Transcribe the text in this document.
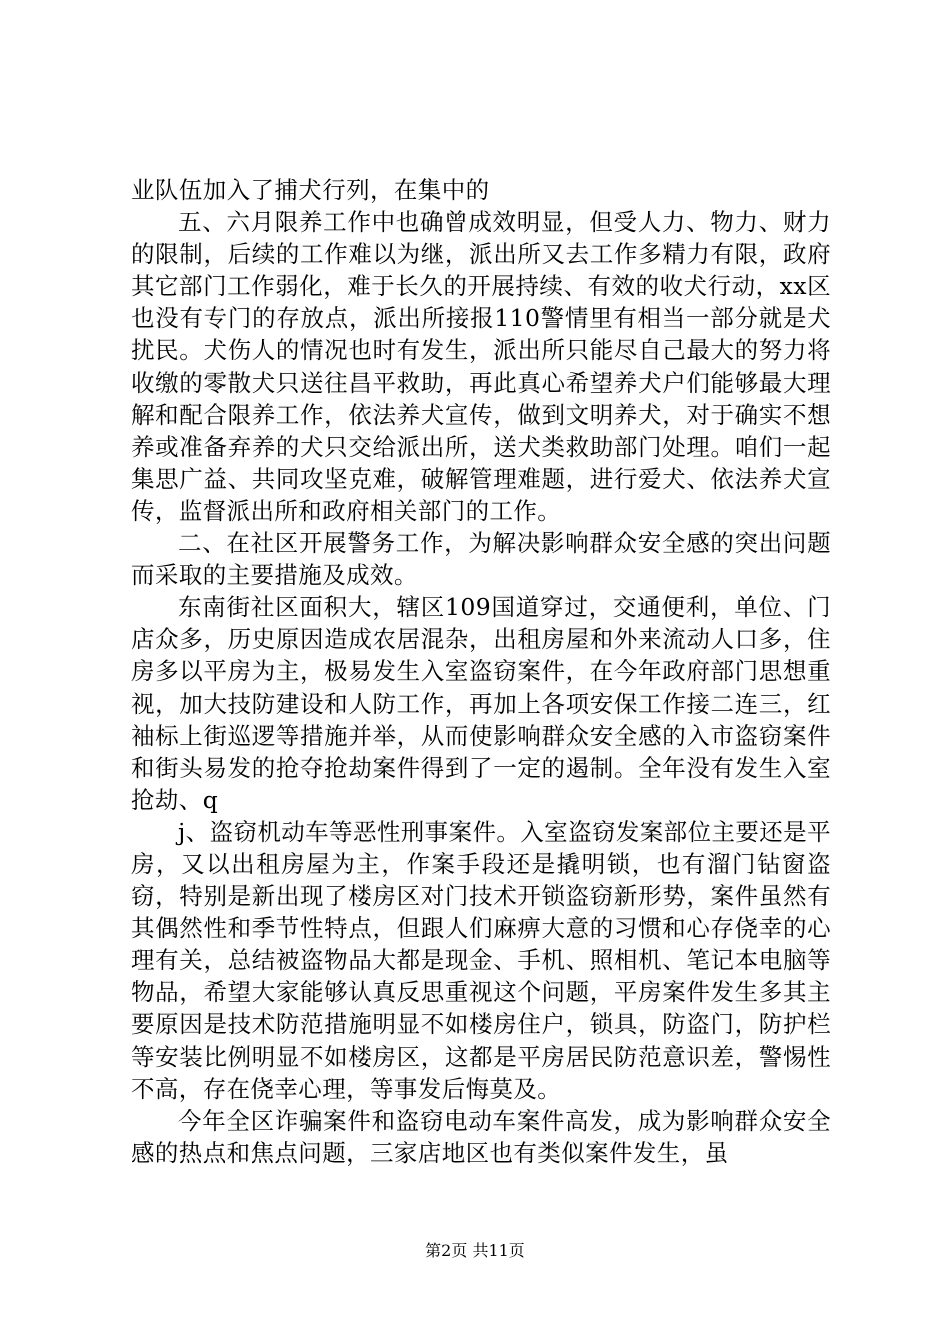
业队伍加入了捕犬行列，在集中的

五、六月限养工作中也确曾成效明显，但受人力、物力、财力的限制，后续的工作难以为继，派出所又去工作多精力有限，政府其它部门工作弱化，难于长久的开展持续、有效的收犬行动，xx区也没有专门的存放点，派出所接报110警情里有相当一部分就是犬扰民。犬伤人的情况也时有发生，派出所只能尽自己最大的努力将收缴的零散犬只送往昌平救助，再此真心希望养犬户们能够最大理解和配合限养工作，依法养犬宣传，做到文明养犬，对于确实不想养或准备弃养的犬只交给派出所，送犬类救助部门处理。咱们一起集思广益、共同攻坚克难，破解管理难题，进行爱犬、依法养犬宣传，监督派出所和政府相关部门的工作。

二、在社区开展警务工作，为解决影响群众安全感的突出问题而采取的主要措施及成效。

东南街社区面积大，辖区109国道穿过，交通便利，单位、门店众多，历史原因造成农居混杂，出租房屋和外来流动人口多，住房多以平房为主，极易发生入室盗窃案件，在今年政府部门思想重视，加大技防建设和人防工作，再加上各项安保工作接二连三，红袖标上街巡逻等措施并举，从而使影响群众安全感的入市盗窃案件和街头易发的抢夺抢劫案件得到了一定的遏制。全年没有发生入室抢劫、q

j、盗窃机动车等恶性刑事案件。入室盗窃发案部位主要还是平房，又以出租房屋为主，作案手段还是撬明锁，也有溜门钻窗盗窃，特别是新出现了楼房区对门技术开锁盗窃新形势，案件虽然有其偶然性和季节性特点，但跟人们麻痹大意的习惯和心存侥幸的心理有关，总结被盗物品大都是现金、手机、照相机、笔记本电脑等物品，希望大家能够认真反思重视这个问题，平房案件发生多其主要原因是技术防范措施明显不如楼房住户，锁具，防盗门，防护栏等安装比例明显不如楼房区，这都是平房居民防范意识差，警惕性不高，存在侥幸心理，等事发后悔莫及。

今年全区诈骗案件和盗窃电动车案件高发，成为影响群众安全感的热点和焦点问题，三家店地区也有类似案件发生，虽

第2页 共11页
